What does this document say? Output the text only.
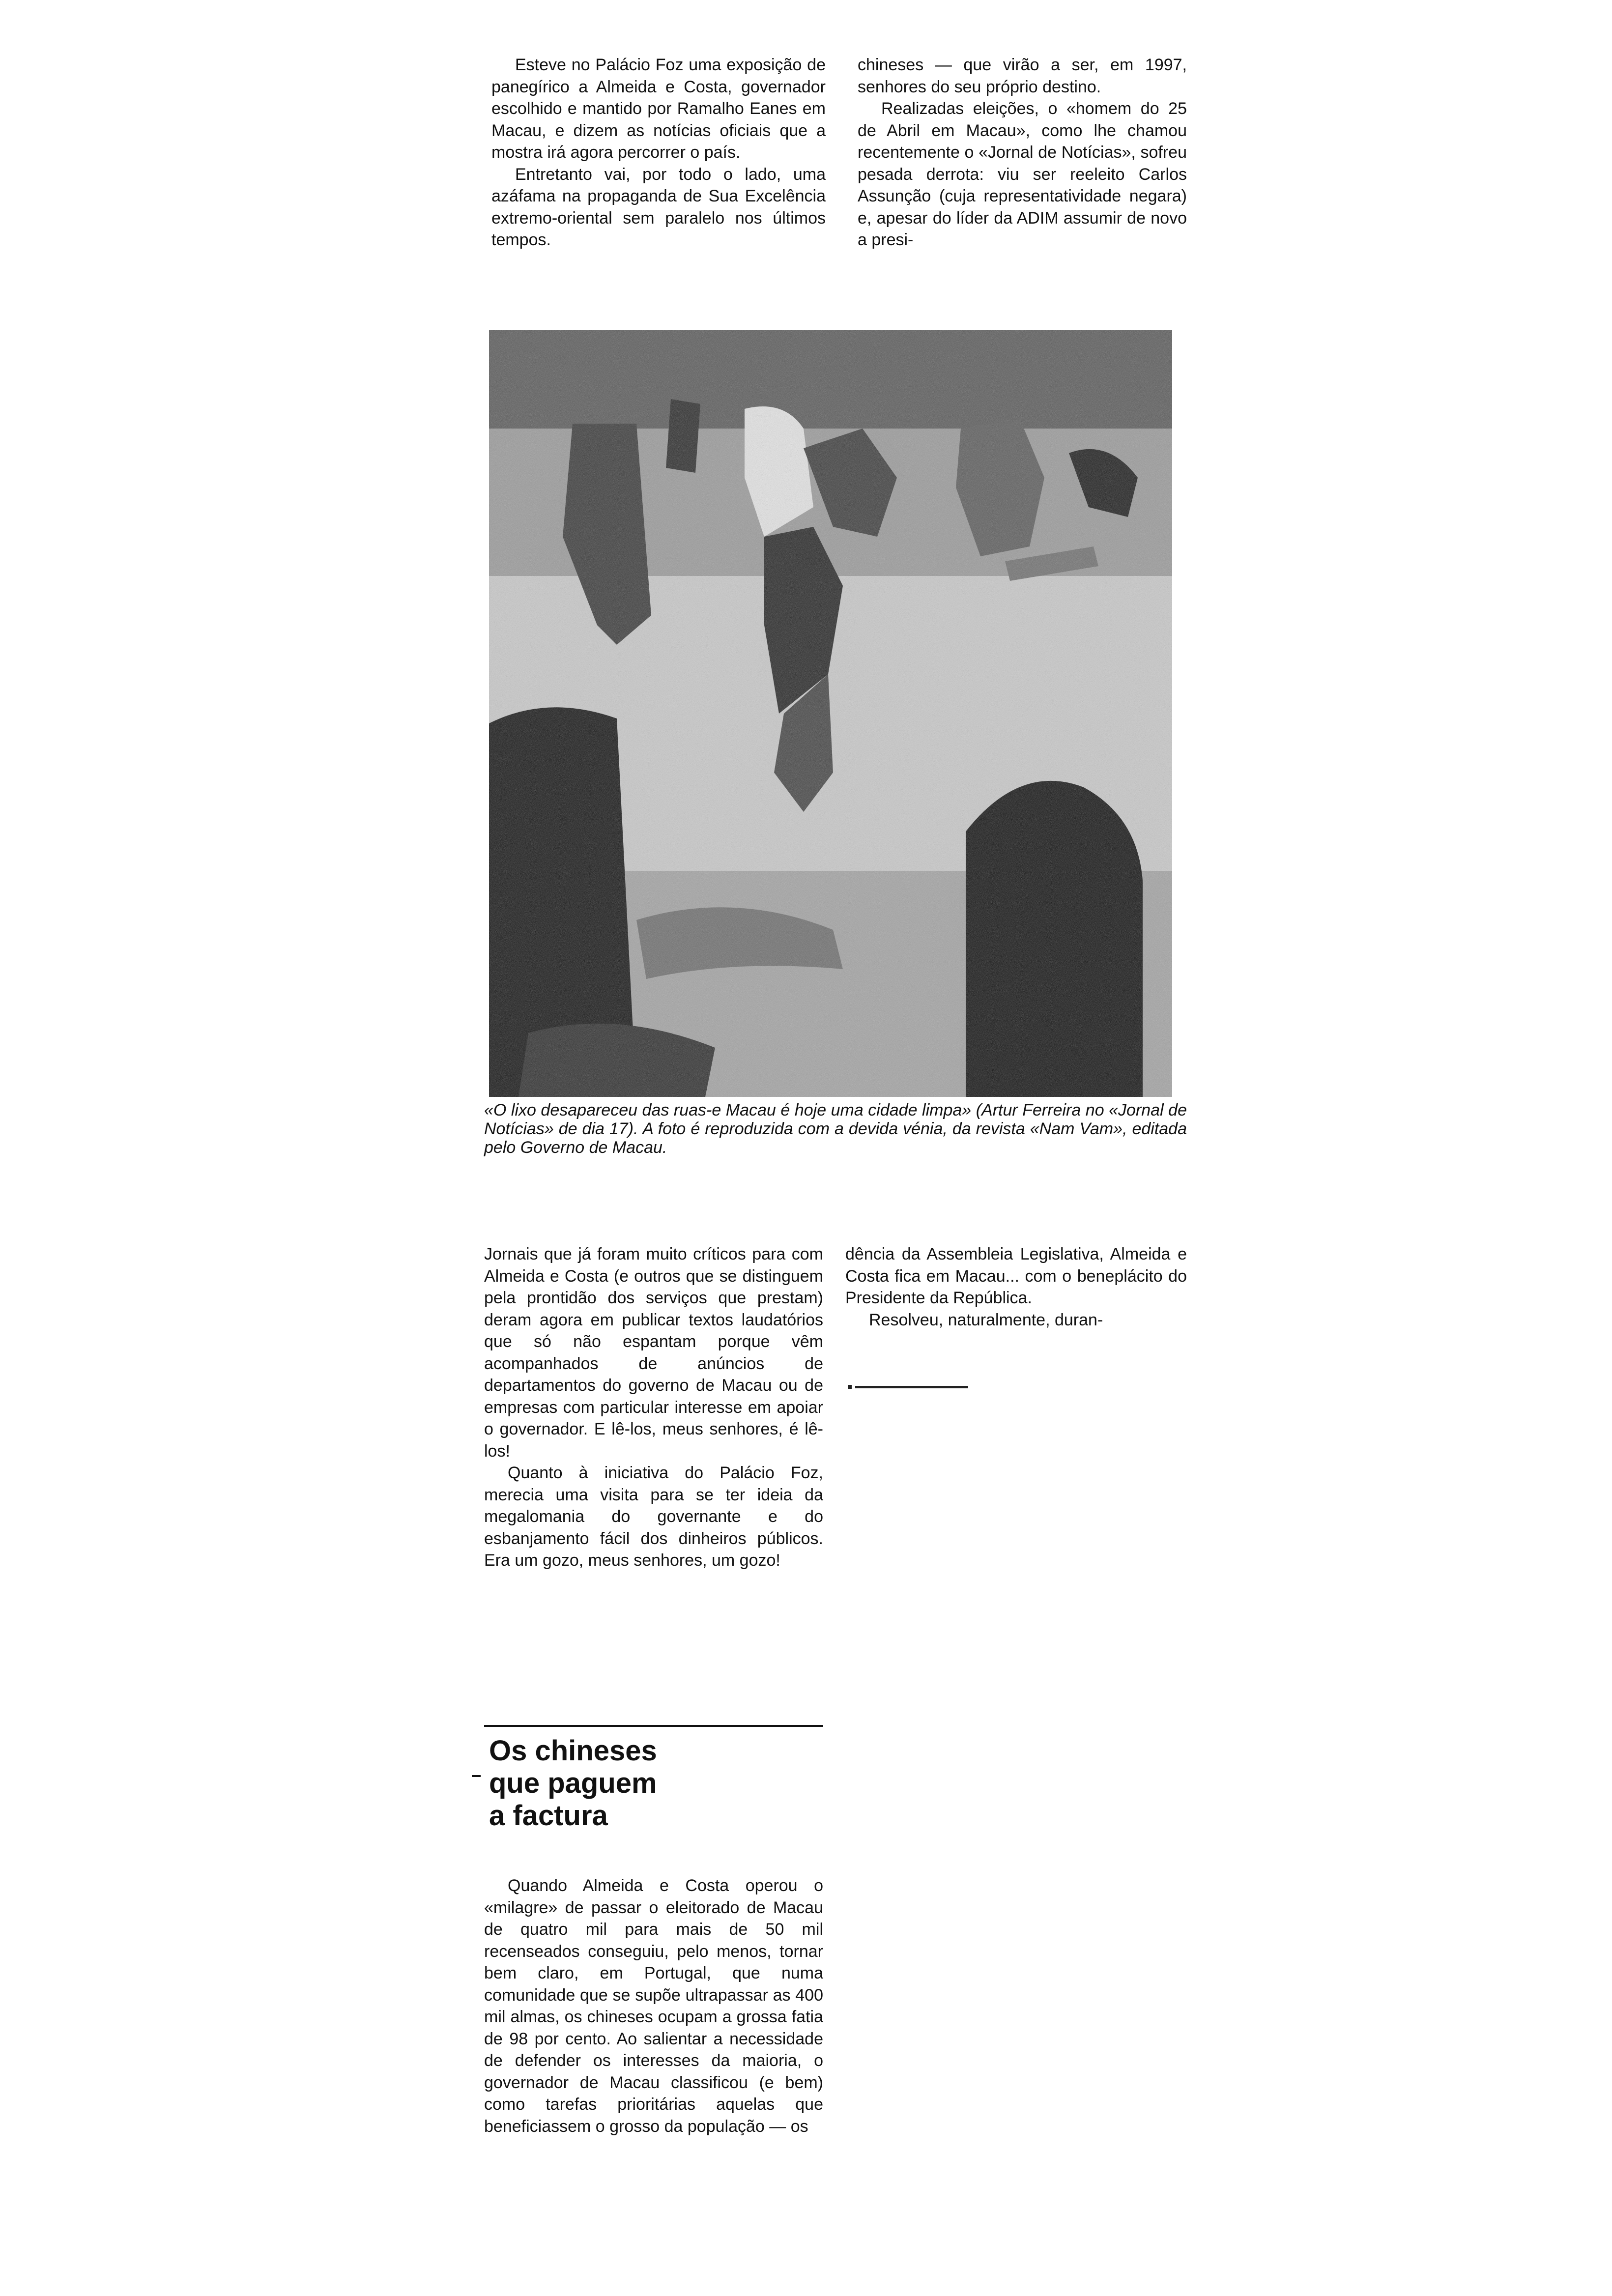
Esteve no Palácio Foz uma exposição de panegírico a Almeida e Costa, governador escolhido e mantido por Ramalho Eanes em Macau, e dizem as notícias oficiais que a mostra irá agora percorrer o país.

Entretanto vai, por todo o lado, uma azáfama na propaganda de Sua Excelência extremo-oriental sem paralelo nos últimos tempos.

chineses — que virão a ser, em 1997, senhores do seu próprio destino.

Realizadas eleições, o «homem do 25 de Abril em Macau», como lhe chamou recentemente o «Jornal de Notícias», sofreu pesada derrota: viu ser reeleito Carlos Assunção (cuja representatividade negara) e, apesar do líder da ADIM assumir de novo a presi-

«O lixo desapareceu das ruas-e Macau é hoje uma cidade limpa» (Artur Ferreira no «Jornal de Notícias» de dia 17). A foto é reproduzida com a devida vénia, da revista «Nam Vam», editada pelo Governo de Macau.

Jornais que já foram muito críticos para com Almeida e Costa (e outros que se distinguem pela prontidão dos serviços que prestam) deram agora em publicar textos laudatórios que só não espantam porque vêm acompanhados de anúncios de departamentos do governo de Macau ou de empresas com particular interesse em apoiar o governador. E lê-los, meus senhores, é lê-los!

Quanto à iniciativa do Palácio Foz, merecia uma visita para se ter ideia da megalomania do governante e do esbanjamento fácil dos dinheiros públicos. Era um gozo, meus senhores, um gozo!

dência da Assembleia Legislativa, Almeida e Costa fica em Macau... com o beneplácito do Presidente da República.

Resolveu, naturalmente, duran-

Os chineses
que paguem
a factura

Quando Almeida e Costa operou o «milagre» de passar o eleitorado de Macau de quatro mil para mais de 50 mil recenseados conseguiu, pelo menos, tornar bem claro, em Portugal, que numa comunidade que se supõe ultrapassar as 400 mil almas, os chineses ocupam a grossa fatia de 98 por cento. Ao salientar a necessidade de defender os interesses da maioria, o governador de Macau classificou (e bem) como tarefas prioritárias aquelas que beneficiassem o grosso da população — os
